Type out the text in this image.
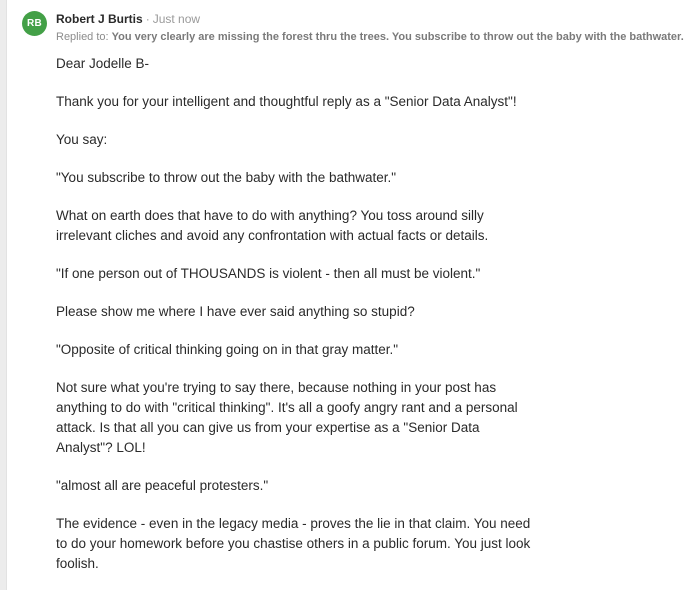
RB Robert J Burtis · Just now
Replied to: You very clearly are missing the forest thru the trees. You subscribe to throw out the baby with the bathwater.

Dear Jodelle B-

Thank you for your intelligent and thoughtful reply as a "Senior Data Analyst"!

You say:

"You subscribe to throw out the baby with the bathwater."

What on earth does that have to do with anything? You toss around silly irrelevant cliches and avoid any confrontation with actual facts or details.

"If one person out of THOUSANDS is violent - then all must be violent."

Please show me where I have ever said anything so stupid?

"Opposite of critical thinking going on in that gray matter."

Not sure what you're trying to say there, because nothing in your post has anything to do with "critical thinking". It's all a goofy angry rant and a personal attack. Is that all you can give us from your expertise as a "Senior Data Analyst"? LOL!

"almost all are peaceful protesters."

The evidence - even in the legacy media - proves the lie in that claim. You need to do your homework before you chastise others in a public forum. You just look foolish.
